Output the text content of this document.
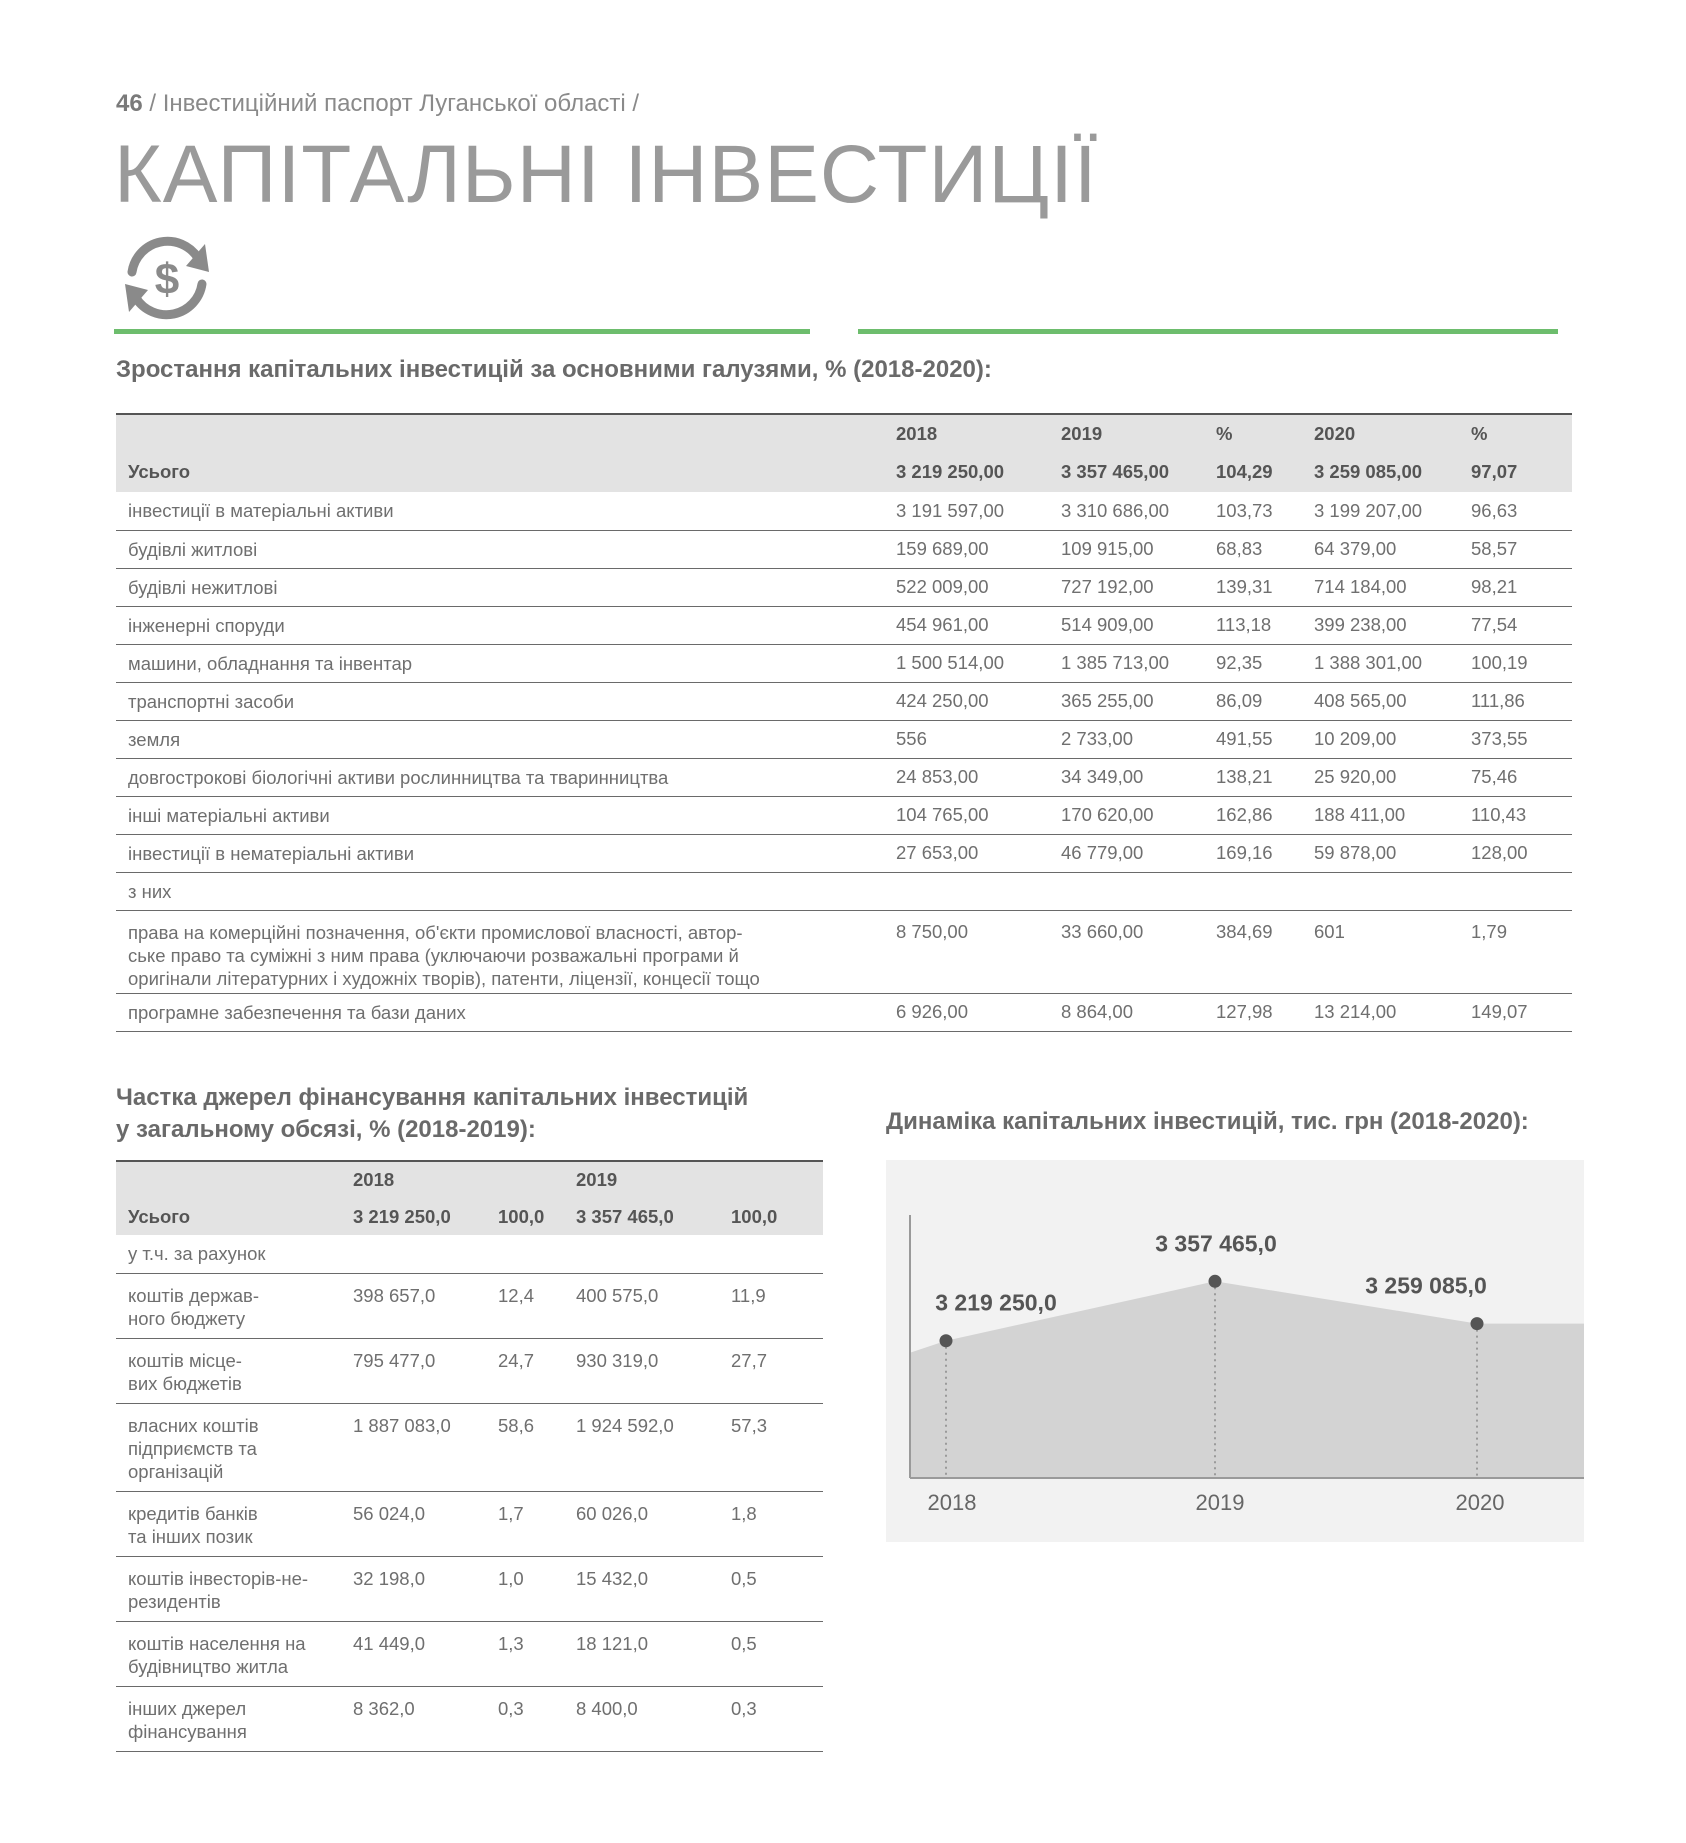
46 / Інвестиційний паспорт Луганської області /
КАПІТАЛЬНІ ІНВЕСТИЦІЇ
$
Зростання капітальних інвестицій за основними галузями, % (2018-2020):
	2018	2019	%	2020	%
Усього	3 219 250,00	3 357 465,00	104,29	3 259 085,00	97,07
інвестиції в матеріальні активи	3 191 597,00	3 310 686,00	103,73	3 199 207,00	96,63
будівлі житлові	159 689,00	109 915,00	68,83	64 379,00	58,57
будівлі нежитлові	522 009,00	727 192,00	139,31	714 184,00	98,21
інженерні споруди	454 961,00	514 909,00	113,18	399 238,00	77,54
машини, обладнання та інвентар	1 500 514,00	1 385 713,00	92,35	1 388 301,00	100,19
транспортні засоби	424 250,00	365 255,00	86,09	408 565,00	111,86
земля	556	2 733,00	491,55	10 209,00	373,55
довгострокові біологічні активи рослинництва та тваринництва	24 853,00	34 349,00	138,21	25 920,00	75,46
інші матеріальні активи	104 765,00	170 620,00	162,86	188 411,00	110,43
інвестиції в нематеріальні активи	27 653,00	46 779,00	169,16	59 878,00	128,00
з них					
права на комерційні позначення, об'єкти промислової власності, автор-
ське право та суміжні з ним права (уключаючи розважальні програми й
оригінали літературних і художніх творів), патенти, ліцензії, концесії тощо	8 750,00	33 660,00	384,69	601	1,79
програмне забезпечення та бази даних	6 926,00	8 864,00	127,98	13 214,00	149,07
Частка джерел фінансування капітальних інвестицій
у загальному обсязі, % (2018-2019):
	2018		2019	
Усього	3 219 250,0	100,0	3 357 465,0	100,0
у т.ч. за рахунок				
коштів держав-
ного бюджету	398 657,0	12,4	400 575,0	11,9
коштів місце-
вих бюджетів	795 477,0	24,7	930 319,0	27,7
власних коштів
підприємств та
організацій	1 887 083,0	58,6	1 924 592,0	57,3
кредитів банків
та інших позик	56 024,0	1,7	60 026,0	1,8
коштів інвесторів-не-
резидентів	32 198,0	1,0	15 432,0	0,5
коштів населення на
будівництво житла	41 449,0	1,3	18 121,0	0,5
інших джерел
фінансування	8 362,0	0,3	8 400,0	0,3
Динаміка капітальних інвестицій, тис. грн (2018-2020):
3 219 250,0
2018
3 357 465,0
2019
3 259 085,0
2020
